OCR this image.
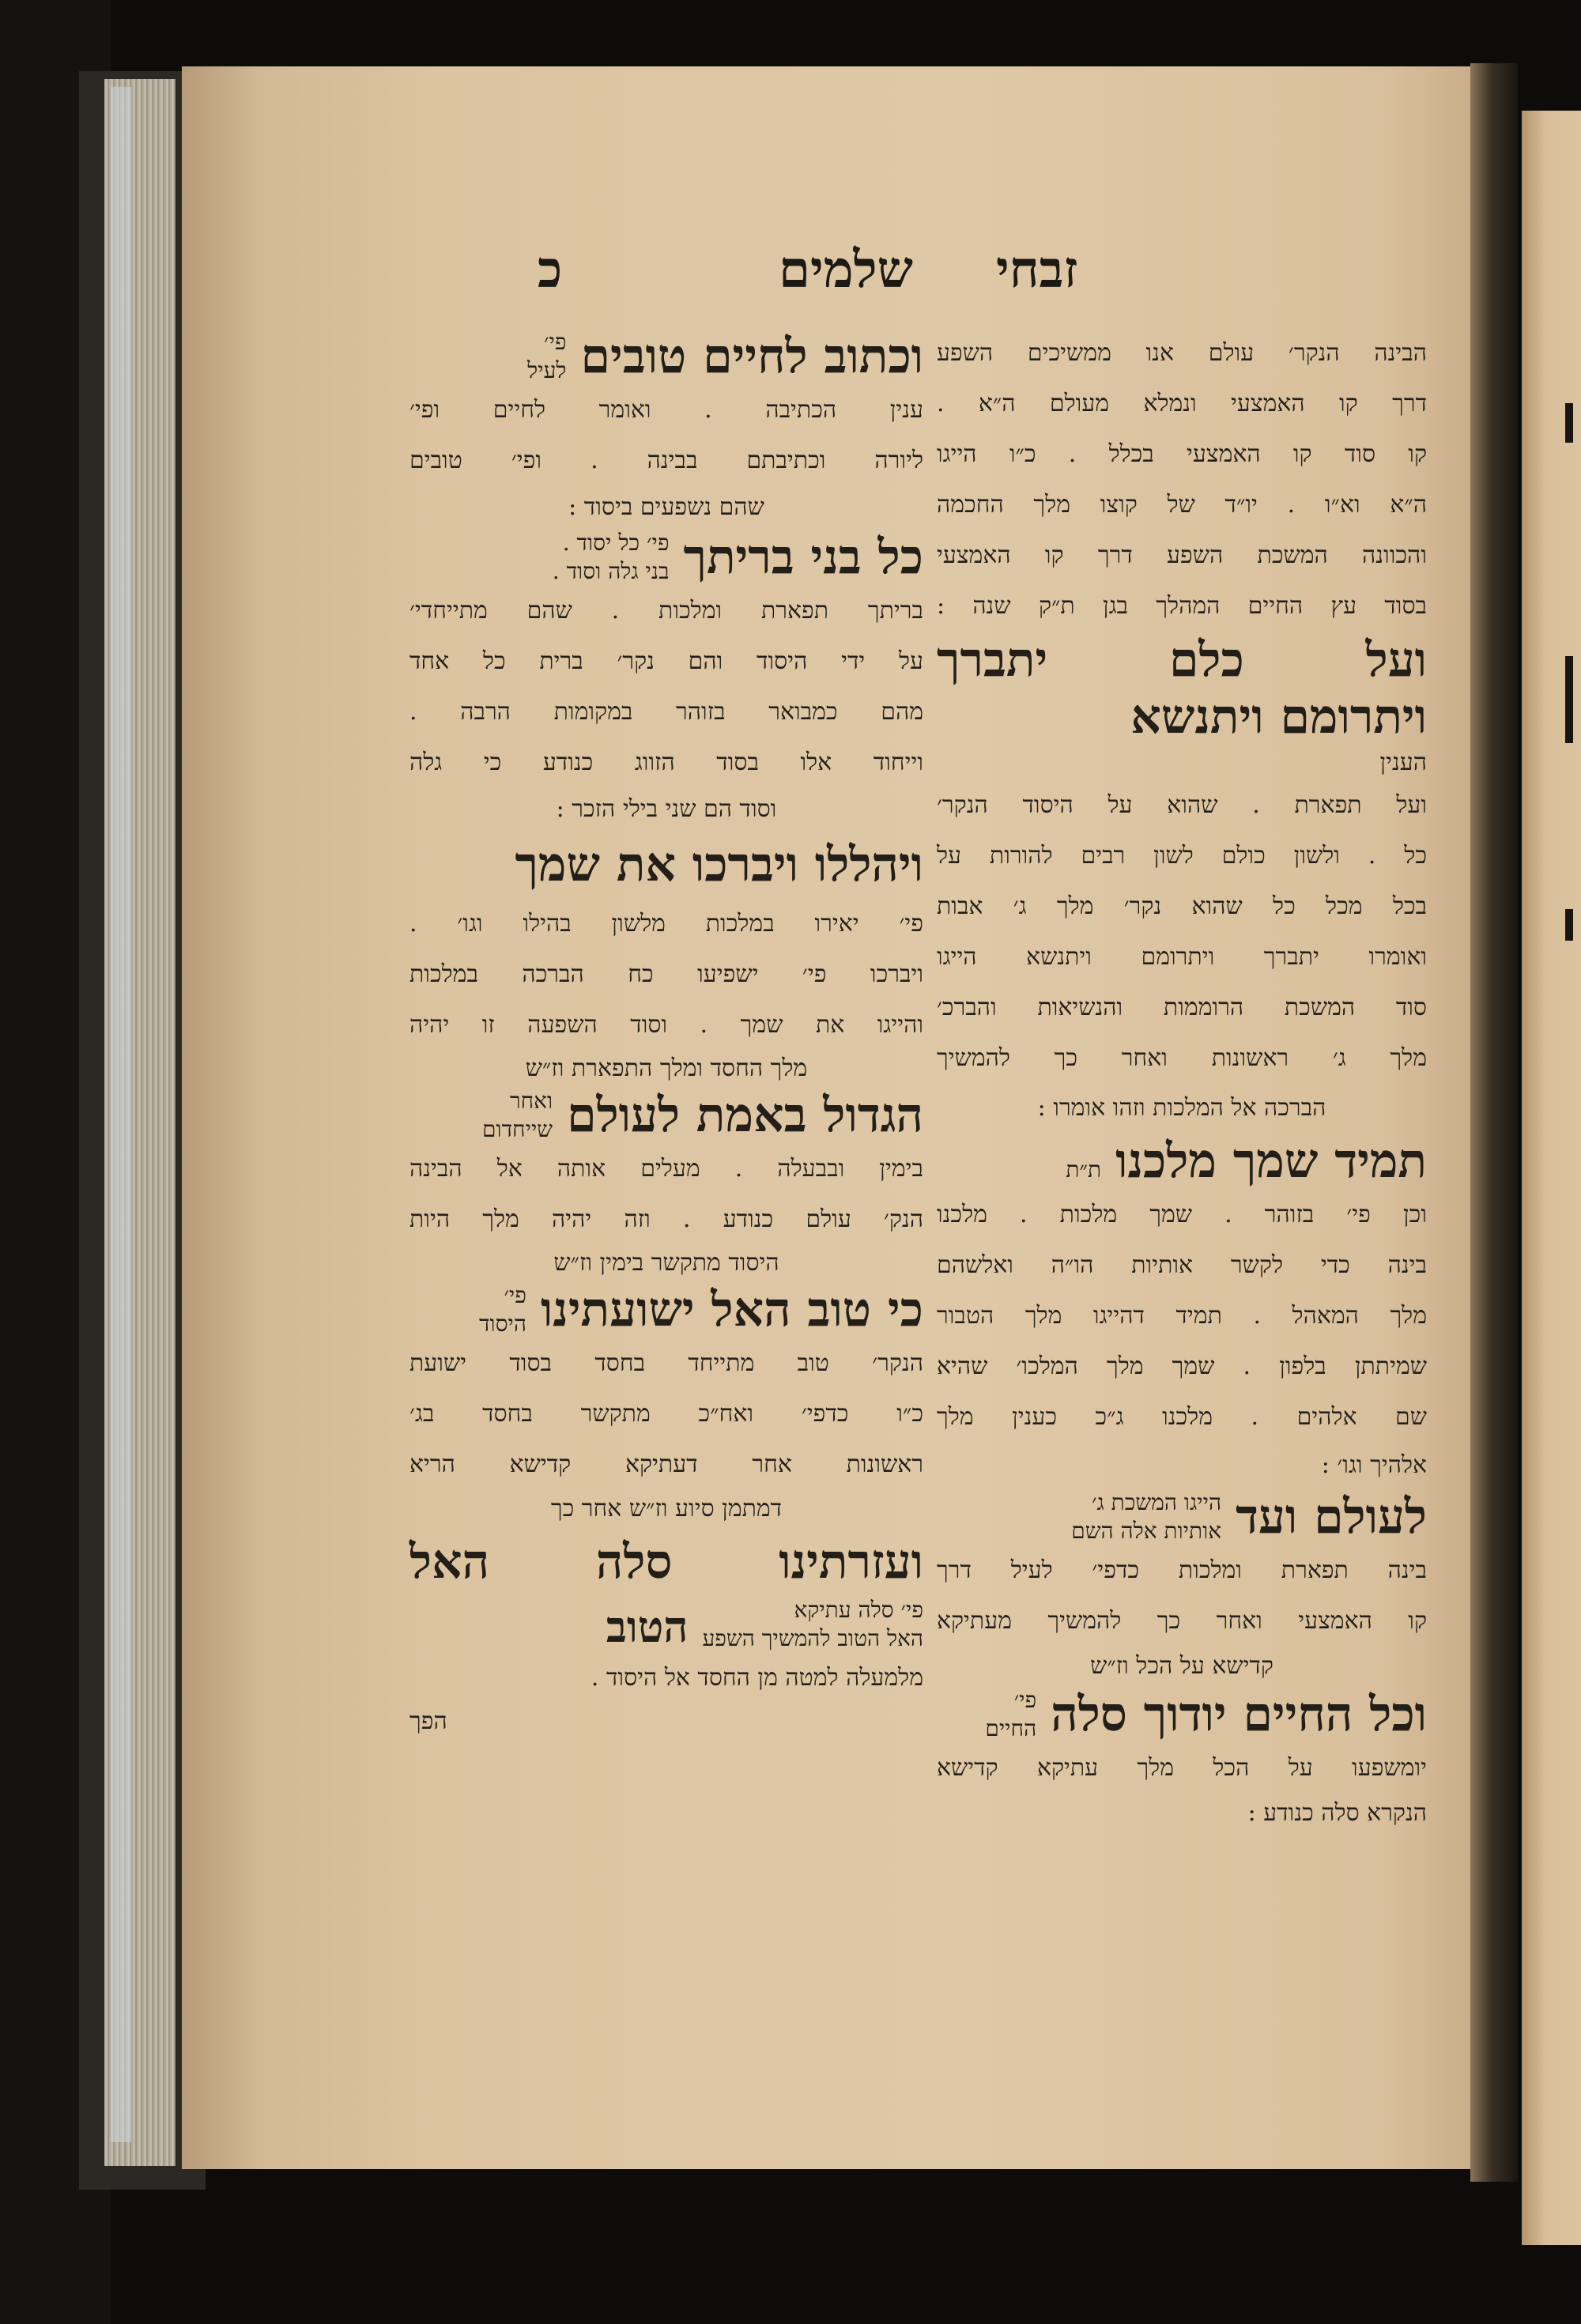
זבחי
שלמים
כ
הבינה הנקר׳ עולם אנו ממשיכים השפע
דרך קו האמצעי ונמלא מעולם ה״א .
קו סוד קו האמצעי בכלל . כ״ו הייגו
ה״א וא״ו . יו״ד של קוצו מלך החכמה
והכוונה המשכת השפע דרך קו האמצעי
בסוד עץ החיים המהלך בגן ת״ק שנה :
ועל כלם יתברך
ויתרומם ויתנשא
הענין
ועל תפארת . שהוא על היסוד הנקר׳
כל . ולשון כולם לשון רבים להורות על
בכל מכל כל שהוא נקר׳ מלך ג׳ אבות
ואומרו יתברך ויתרומם ויתנשא הייגו
סוד המשכת הרוממות והנשיאות והברכ׳
מלך ג׳ ראשונות ואחר כך להמשיך
הברכה אל המלכות וזהו אומרו :
תמיד שמך מלכנו
ת״ת
וכן פי׳ בזוהר . שמך מלכות . מלכנו
בינה כדי לקשר אותיות הו״ה ואלשהם
מלך המאהל . תמיד דהייגו מלך הטבור
שמיתתן בלפון . שמך מלך המלכו׳ שהיא
שם אלהים . מלכנו ג״כ כענין מלך
אלהיך וגו׳ :
לעולם ועד
הייגו המשכת ג׳
אותיות אלה השם
בינה תפארת ומלכות כדפי׳ לעיל דרך
קו האמצעי ואחר כך להמשיך מעתיקא
קדישא על הכל וז״ש
וכל החיים יודוך סלה
פי׳
החיים
יומשפעו על הכל מלך עתיקא קדישא
הנקרא סלה כנודע :
וכתוב לחיים טובים
פי׳
לעיל
ענין הכתיבה . ואומר לחיים ופי׳
ליורה וכתיבתם בבינה . ופי׳ טובים
שהם נשפעים ביסוד :
כל בני בריתך
פי׳ כל יסוד .
בני גלה וסוד .
בריתך תפארת ומלכות . שהם מתייחדי׳
על ידי היסוד והם נקר׳ ברית כל אחד
מהם כמבואר בזוהר במקומות הרבה .
וייחוד אלו בסוד הזווג כנודע כי גלה
וסוד הם שני בילי הזכר :
ויהללו ויברכו את שמך
פי׳ יאירו במלכות מלשון בהילו וגו׳ .
ויברכו פי׳ ישפיעו כח הברכה במלכות
והייגו את שמך . וסוד השפעה זו יהיה
מלך החסד ומלך התפארת וז״ש
הגדול באמת לעולם
ואחר
שייחדום
בימין ובבעלה . מעלים אותה אל הבינה
הנק׳ עולם כנודע . וזה יהיה מלך היות
היסוד מתקשר בימין וז״ש
כי טוב האל ישועתינו
פי׳
היסוד
הנקר׳ טוב מתייחד בחסד בסוד ישועת
כ״ו כדפי׳ ואח״כ מתקשר בחסד בג׳
ראשונות אחר דעתיקא קדישא הריא
דמתמן סיוע וז״ש אחר כך
ועזרתינו סלה האל
פי׳ סלה עתיקא
האל הטוב להמשיך השפע
הטוב
מלמעלה למטה מן החסד אל היסוד .
הפך
